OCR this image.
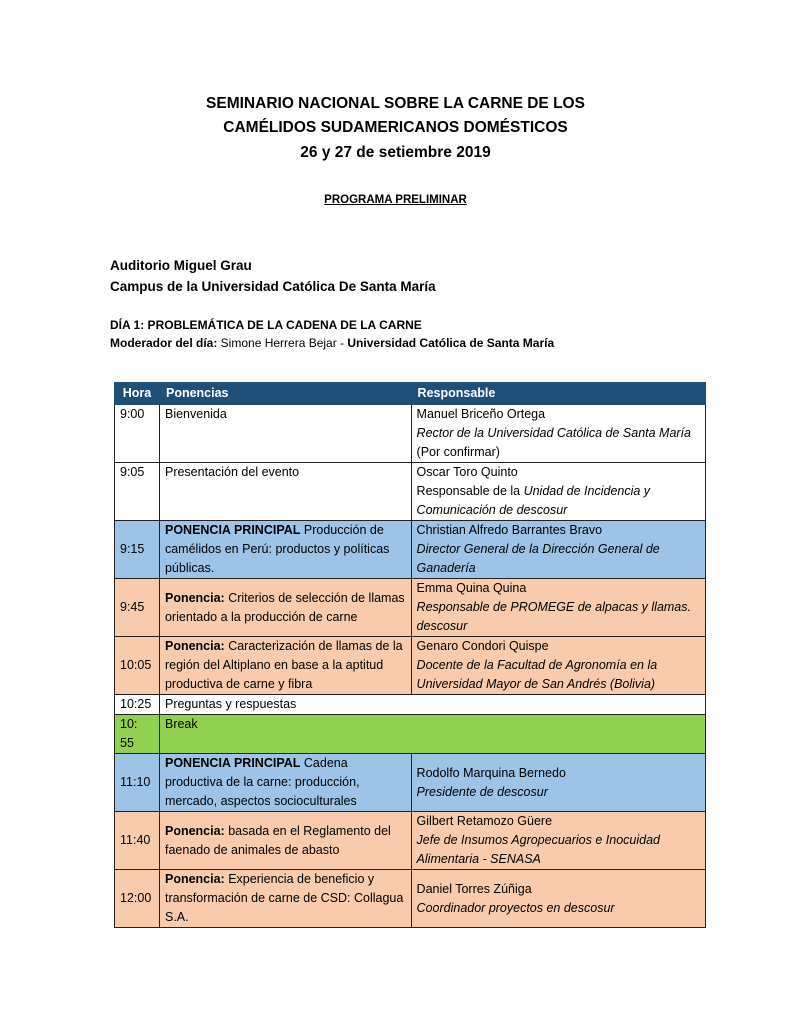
SEMINARIO NACIONAL SOBRE LA CARNE DE LOS
CAMÉLIDOS SUDAMERICANOS DOMÉSTICOS
26 y 27 de setiembre 2019
PROGRAMA PRELIMINAR
Auditorio Miguel Grau
Campus de la Universidad Católica De Santa María
DÍA 1: PROBLEMÁTICA DE LA CADENA DE LA CARNE
Moderador del día: Simone Herrera Bejar - Universidad Católica de Santa María
Hora	Ponencias	Responsable
9:00	Bienvenida	Manuel Briceño Ortega
Rector de la Universidad Católica de Santa María
(Por confirmar)

9:05	Presentación del evento	Oscar Toro Quinto
Responsable de la Unidad de Incidencia y Comunicación de descosur
9:15	PONENCIA PRINCIPAL Producción de camélidos en Perú: productos y políticas públicas.	Christian Alfredo Barrantes Bravo
Director General de la Dirección General de Ganadería

9:45	Ponencia: Criterios de selección de llamas orientado a la producción de carne	Emma Quina Quina
Responsable de PROMEGE de alpacas y llamas. descosur

10:05	Ponencia: Caracterización de llamas de la región del Altiplano en base a la aptitud productiva de carne y fibra	Genaro Condori Quispe
Docente de la Facultad de Agronomía en la Universidad Mayor de San Andrés (Bolivia)

10:25	Preguntas y respuestas	
10: 55	Break	
11:10	PONENCIA PRINCIPAL Cadena productiva de la carne: producción, mercado, aspectos socioculturales	Rodolfo Marquina Bernedo
Presidente de descosur

11:40	Ponencia: basada en el Reglamento del faenado de animales de abasto	Gilbert Retamozo Güere
Jefe de Insumos Agropecuarios e Inocuidad Alimentaria - SENASA

12:00	Ponencia: Experiencia de beneficio y transformación de carne de CSD: Collagua S.A.	Daniel Torres Zúñiga
Coordinador proyectos en descosur
